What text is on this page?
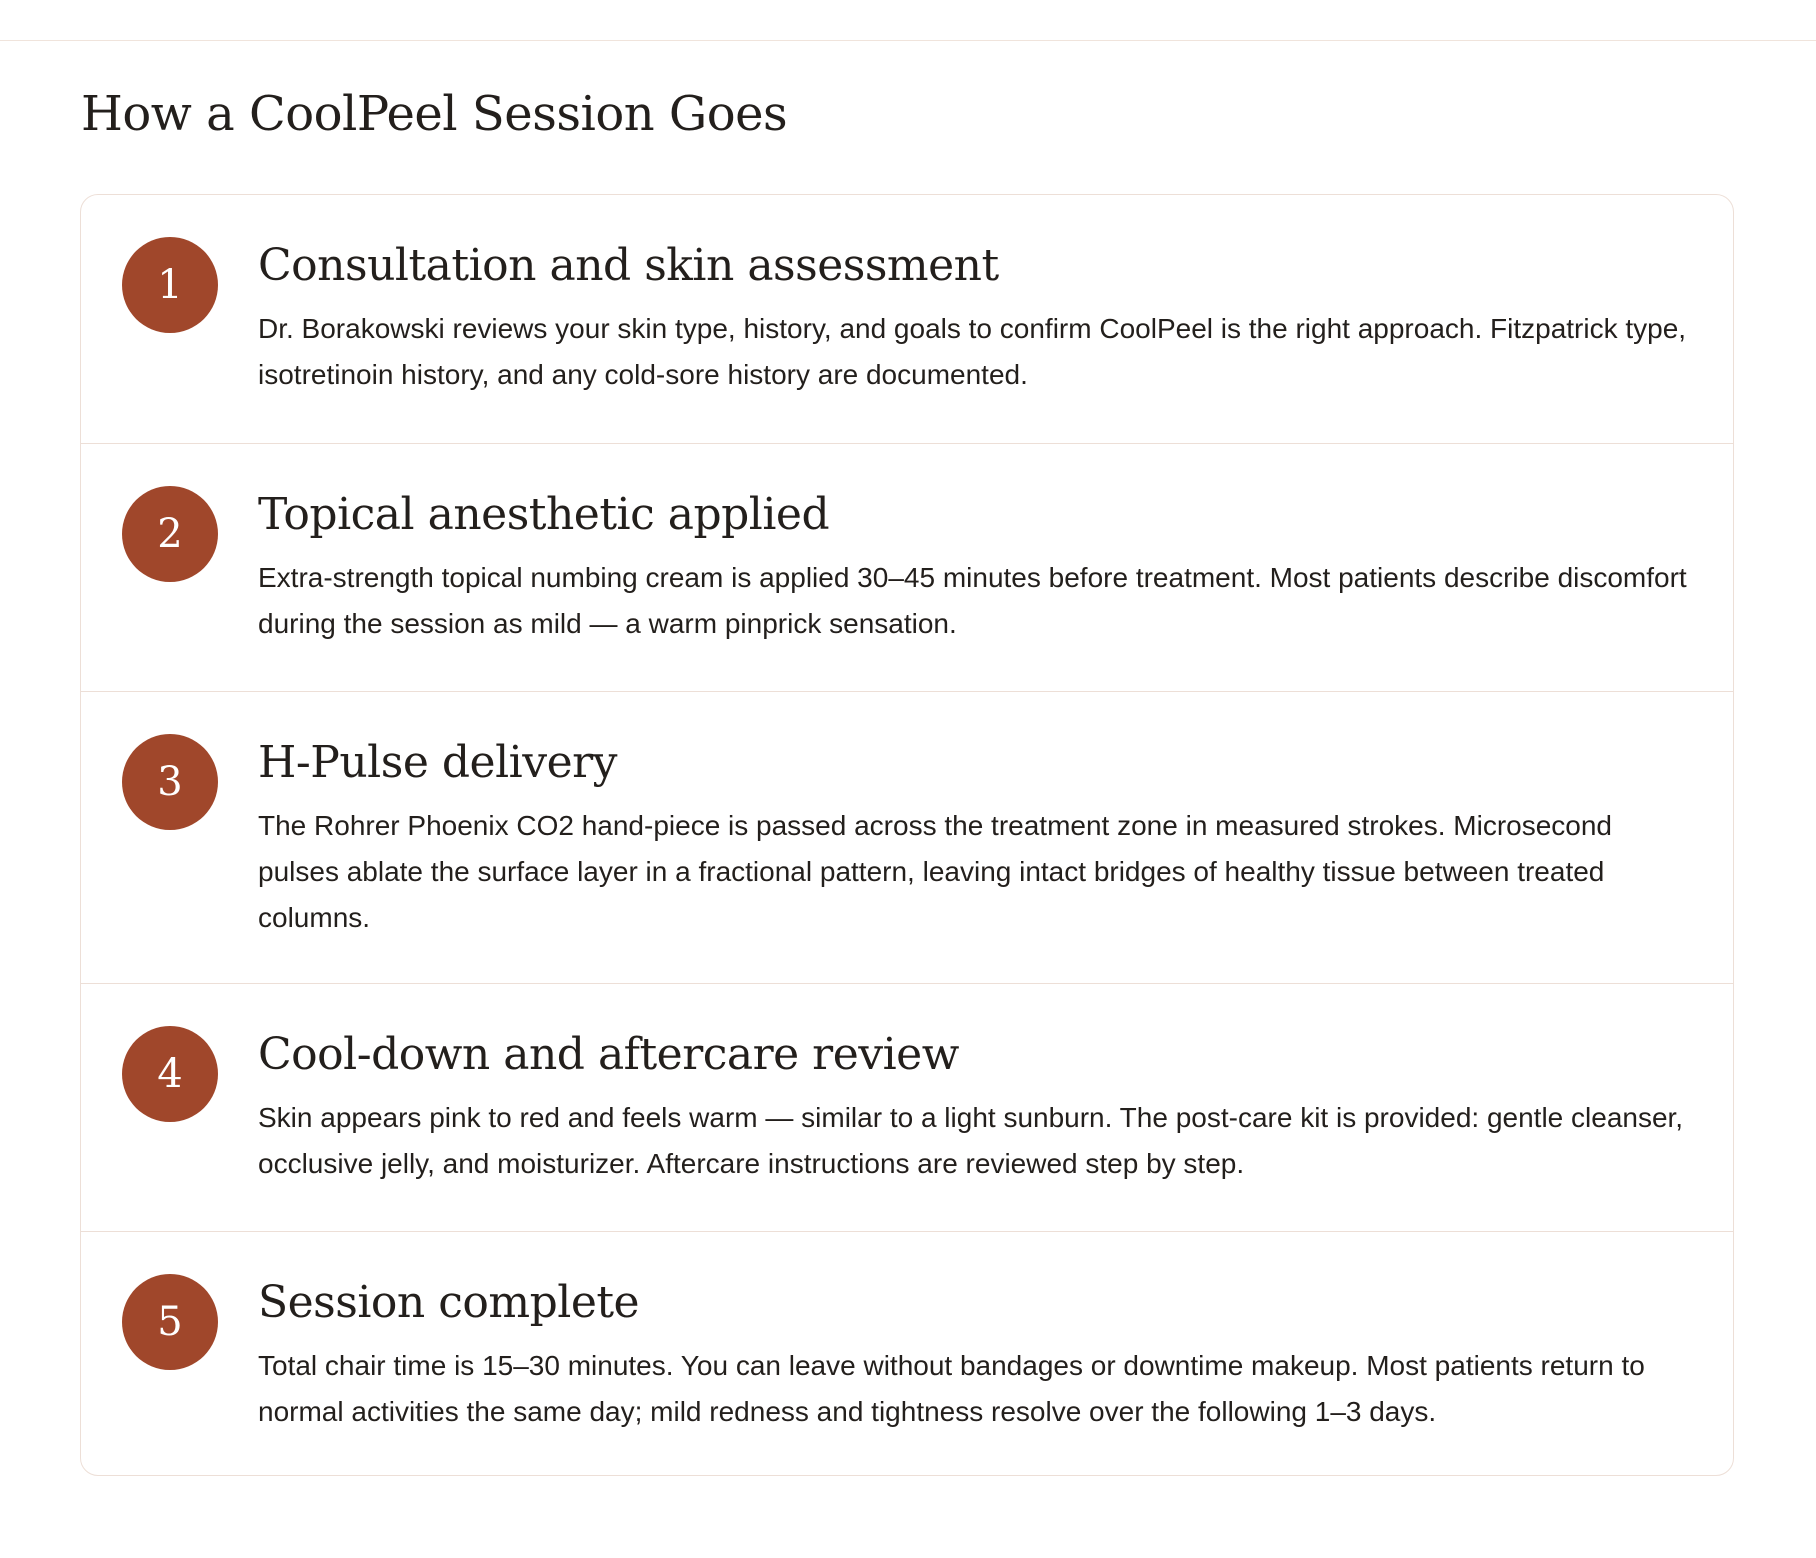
How a CoolPeel Session Goes
1	Consultation and skin assessment

Dr. Borakowski reviews your skin type, history, and goals to confirm CoolPeel is the right approach. Fitzpatrick type, isotretinoin history, and any cold‑sore history are documented.

2	Topical anesthetic applied

Extra‑strength topical numbing cream is applied 30–45 minutes before treatment. Most patients describe discomfort during the session as mild — a warm pinprick sensation.

3	H-Pulse delivery

The Rohrer Phoenix CO2 hand‑piece is passed across the treatment zone in measured strokes. Microsecond pulses ablate the surface layer in a fractional pattern, leaving intact bridges of healthy tissue between treated columns.

4	Cool-down and aftercare review

Skin appears pink to red and feels warm — similar to a light sunburn. The post‑care kit is provided: gentle cleanser, occlusive jelly, and moisturizer. Aftercare instructions are reviewed step by step.

5	Session complete

Total chair time is 15–30 minutes. You can leave without bandages or downtime makeup. Most patients return to normal activities the same day; mild redness and tightness resolve over the following 1–3 days.
